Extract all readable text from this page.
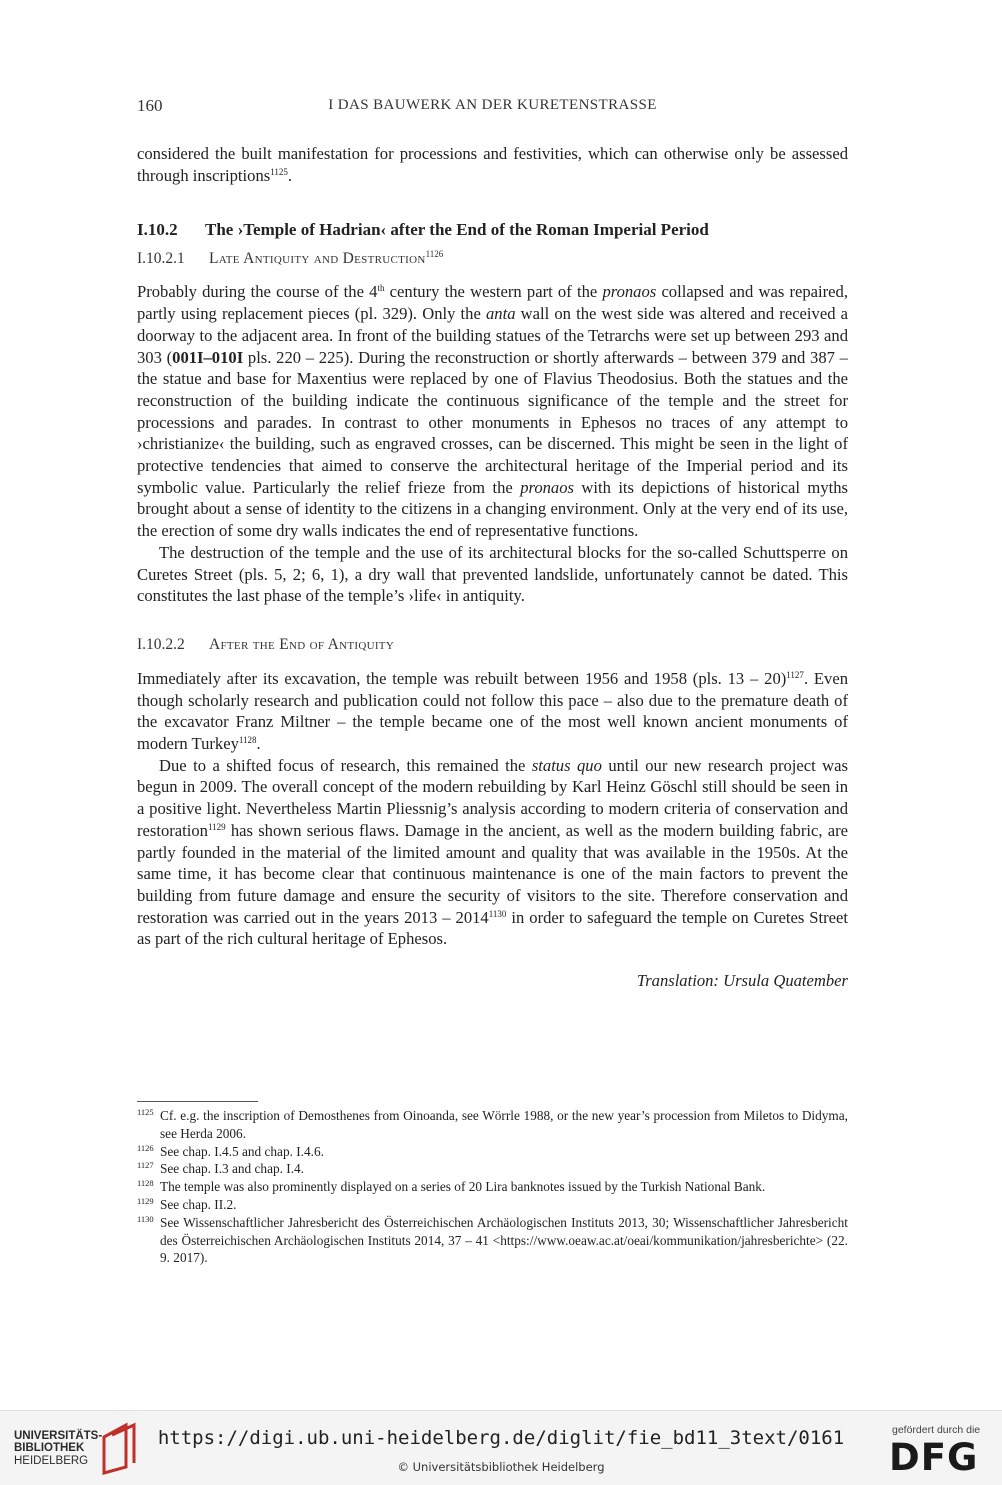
160	I DAS BAUWERK AN DER KURETENSTRASSE

considered the built manifestation for processions and festivities, which can otherwise only be assessed through inscriptions$^{1125}$.

I.10.2 The ›Temple of Hadrian‹ after the End of the Roman Imperial Period
I.10.2.1 Late Antiquity and Destruction$^{1126}$

Probably during the course of the 4th century the western part of the pronaos collapsed and was repaired, partly using replacement pieces (pl. 329). Only the anta wall on the west side was altered and received a doorway to the adjacent area. In front of the building statues of the Tetrarchs were set up between 293 and 303 (001I–010I pls. 220 – 225). During the reconstruction or shortly afterwards – between 379 and 387 – the statue and base for Maxentius were replaced by one of Flavius Theodosius. Both the statues and the reconstruction of the building indicate the continuous significance of the temple and the street for processions and parades. In contrast to other monuments in Ephesos no traces of any attempt to ›christianize‹ the building, such as engraved crosses, can be discerned. This might be seen in the light of protective tendencies that aimed to conserve the architectural heritage of the Imperial period and its symbolic value. Particularly the relief frieze from the pronaos with its depictions of historical myths brought about a sense of identity to the citizens in a changing environment. Only at the very end of its use, the erection of some dry walls indicates the end of representative functions.

The destruction of the temple and the use of its architectural blocks for the so-called Schuttsperre on Curetes Street (pls. 5, 2; 6, 1), a dry wall that prevented landslide, unfortunately cannot be dated. This constitutes the last phase of the temple’s ›life‹ in antiquity.

I.10.2.2 After the End of Antiquity

Immediately after its excavation, the temple was rebuilt between 1956 and 1958 (pls. 13 – 20)$^{1127}$. Even though scholarly research and publication could not follow this pace – also due to the premature death of the excavator Franz Miltner – the temple became one of the most well known ancient monuments of modern Turkey$^{1128}$.

Due to a shifted focus of research, this remained the status quo until our new research project was begun in 2009. The overall concept of the modern rebuilding by Karl Heinz Göschl still should be seen in a positive light. Nevertheless Martin Pliessnig’s analysis according to modern criteria of conservation and restoration$^{1129}$ has shown serious flaws. Damage in the ancient, as well as the modern building fabric, are partly founded in the material of the limited amount and quality that was available in the 1950s. At the same time, it has become clear that continuous maintenance is one of the main factors to prevent the building from future damage and ensure the security of visitors to the site. Therefore conservation and restoration was carried out in the years $2013 - 2014^{1130}$ in order to safeguard the temple on Curetes Street as part of the rich cultural heritage of Ephesos.

Translation: Ursula Quatember

1125 Cf. e.g. the inscription of Demosthenes from Oinoanda, see Wörrle 1988, or the new year’s procession from Miletos to Didyma, see Herda 2006.
1126 See chap. I.4.5 and chap. I.4.6.
1127 See chap. I.3 and chap. I.4.
1128 The temple was also prominently displayed on a series of 20 Lira banknotes issued by the Turkish National Bank.
1129 See chap. II.2.
1130 See Wissenschaftlicher Jahresbericht des Österreichischen Archäologischen Instituts 2013, 30; Wissenschaftlicher Jahresbericht des Österreichischen Archäologischen Instituts 2014, 37 – 41 <https://www.oeaw.ac.at/oeai/kommunikation/jahresberichte> (22. 9. 2017).
UNIVERSITÄTS-
BIBLIOTHEK
HEIDELBERG
https://digi.ub.uni-heidelberg.de/diglit/fie_bd11_3text/0161
© Universitätsbibliothek Heidelberg
gefördert durch die
DFG
